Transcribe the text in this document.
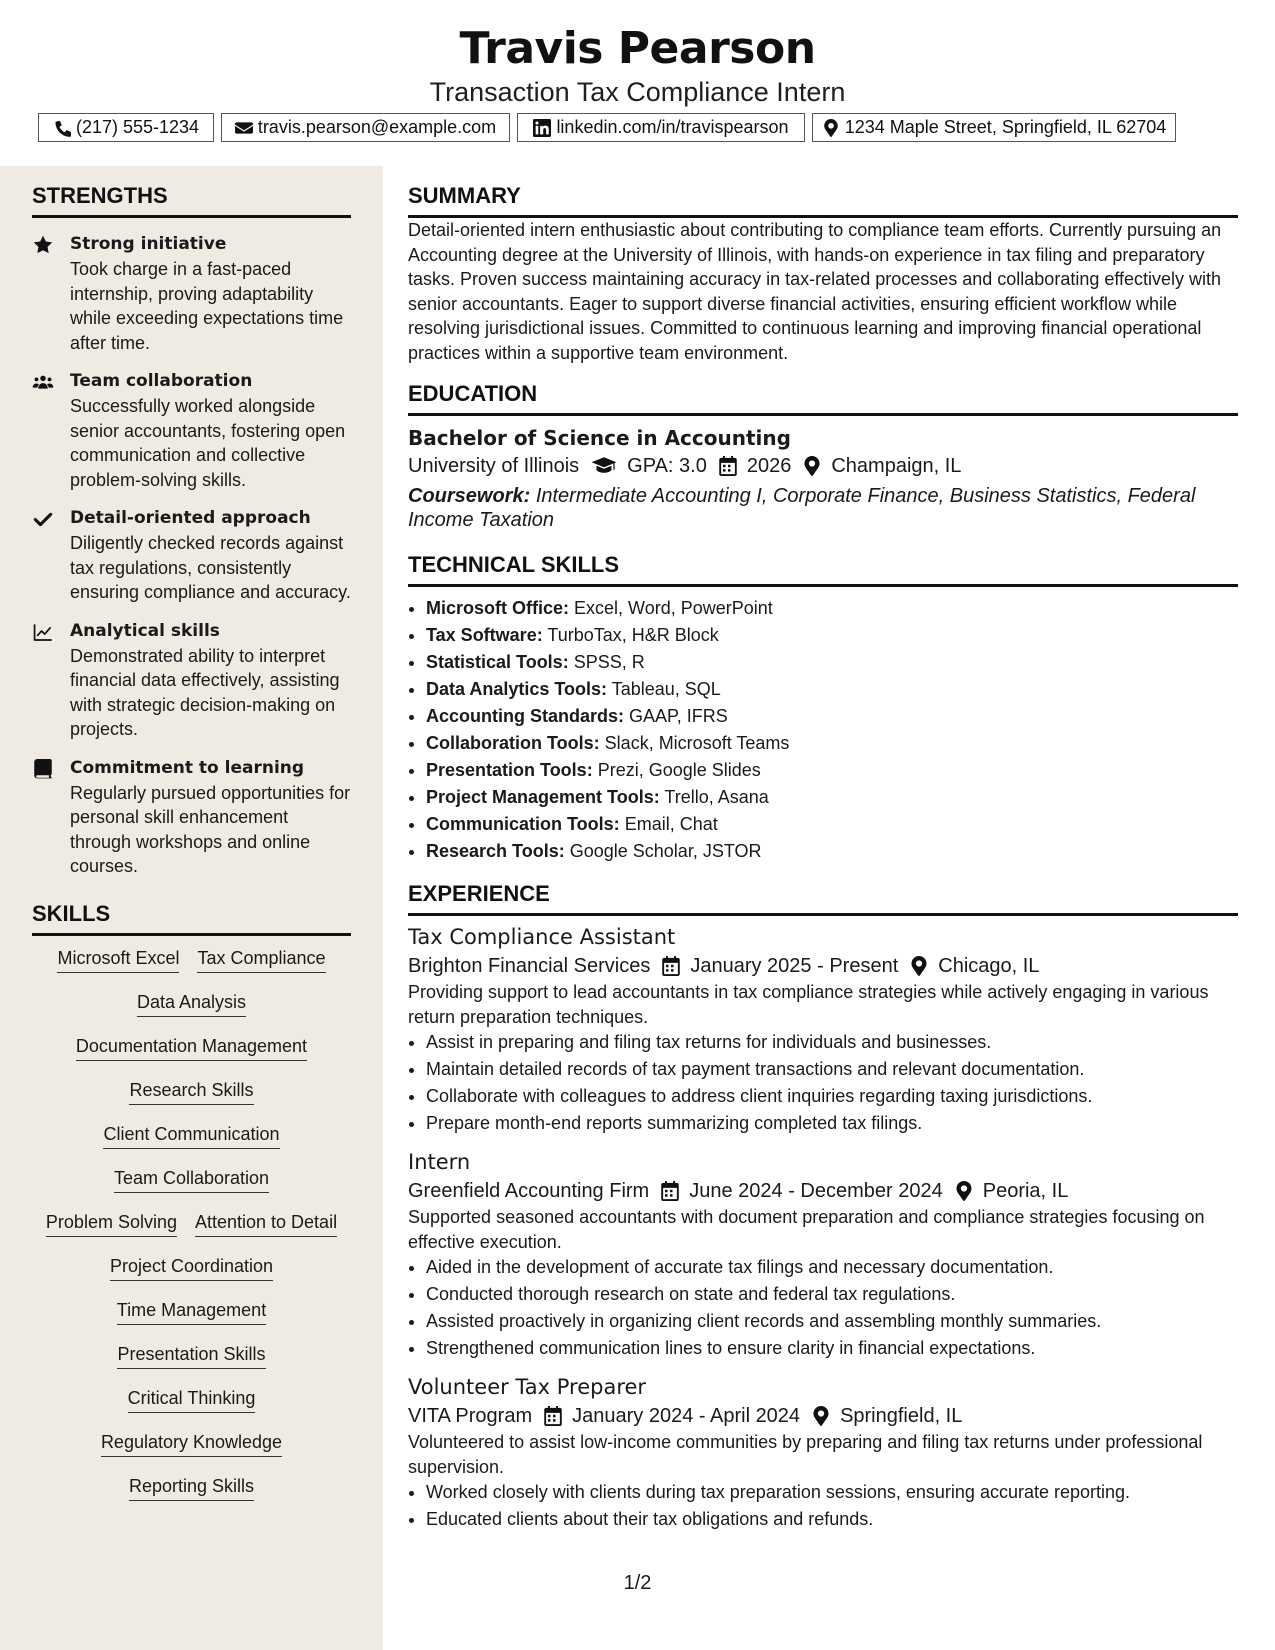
Travis Pearson
Transaction Tax Compliance Intern
(217) 555-1234	travis.pearson@example.com	linkedin.com/in/travispearson	1234 Maple Street, Springfield, IL 62704
STRENGTHS
Strong initiative
Took charge in a fast-paced internship, proving adaptability while exceeding expectations time after time.
Team collaboration
Successfully worked alongside senior accountants, fostering open communication and collective problem-solving skills.
Detail-oriented approach
Diligently checked records against tax regulations, consistently ensuring compliance and accuracy.
Analytical skills
Demonstrated ability to interpret financial data effectively, assisting with strategic decision-making on projects.
Commitment to learning
Regularly pursued opportunities for personal skill enhancement through workshops and online courses.
SKILLS
Microsoft Excel Tax Compliance
Data Analysis
Documentation Management
Research Skills
Client Communication
Team Collaboration
Problem Solving Attention to Detail
Project Coordination
Time Management
Presentation Skills
Critical Thinking
Regulatory Knowledge
Reporting Skills
SUMMARY

Detail-oriented intern enthusiastic about contributing to compliance team efforts. Currently pursuing an Accounting degree at the University of Illinois, with hands-on experience in tax filing and preparatory tasks. Proven success maintaining accuracy in tax-related processes and collaborating effectively with senior accountants. Eager to support diverse financial activities, ensuring efficient workflow while resolving jurisdictional issues. Committed to continuous learning and improving financial operational practices within a supportive team environment.

EDUCATION
Bachelor of Science in Accounting
University of Illinois GPA: 3.0 2026 Champaign, IL
Coursework: Intermediate Accounting I, Corporate Finance, Business Statistics, Federal Income Taxation
TECHNICAL SKILLS
• Microsoft Office: Excel, Word, PowerPoint
• Tax Software: TurboTax, H&R Block
• Statistical Tools: SPSS, R
• Data Analytics Tools: Tableau, SQL
• Accounting Standards: GAAP, IFRS
• Collaboration Tools: Slack, Microsoft Teams
• Presentation Tools: Prezi, Google Slides
• Project Management Tools: Trello, Asana
• Communication Tools: Email, Chat
• Research Tools: Google Scholar, JSTOR
EXPERIENCE
Tax Compliance Assistant
Brighton Financial Services January 2025 - Present Chicago, IL

Providing support to lead accountants in tax compliance strategies while actively engaging in various return preparation techniques.

• Assist in preparing and filing tax returns for individuals and businesses.
• Maintain detailed records of tax payment transactions and relevant documentation.
• Collaborate with colleagues to address client inquiries regarding taxing jurisdictions.
• Prepare month-end reports summarizing completed tax filings.
Intern
Greenfield Accounting Firm June 2024 - December 2024 Peoria, IL

Supported seasoned accountants with document preparation and compliance strategies focusing on effective execution.

• Aided in the development of accurate tax filings and necessary documentation.
• Conducted thorough research on state and federal tax regulations.
• Assisted proactively in organizing client records and assembling monthly summaries.
• Strengthened communication lines to ensure clarity in financial expectations.
Volunteer Tax Preparer
VITA Program January 2024 - April 2024 Springfield, IL

Volunteered to assist low-income communities by preparing and filing tax returns under professional supervision.

• Worked closely with clients during tax preparation sessions, ensuring accurate reporting.
• Educated clients about their tax obligations and refunds.
1/2
